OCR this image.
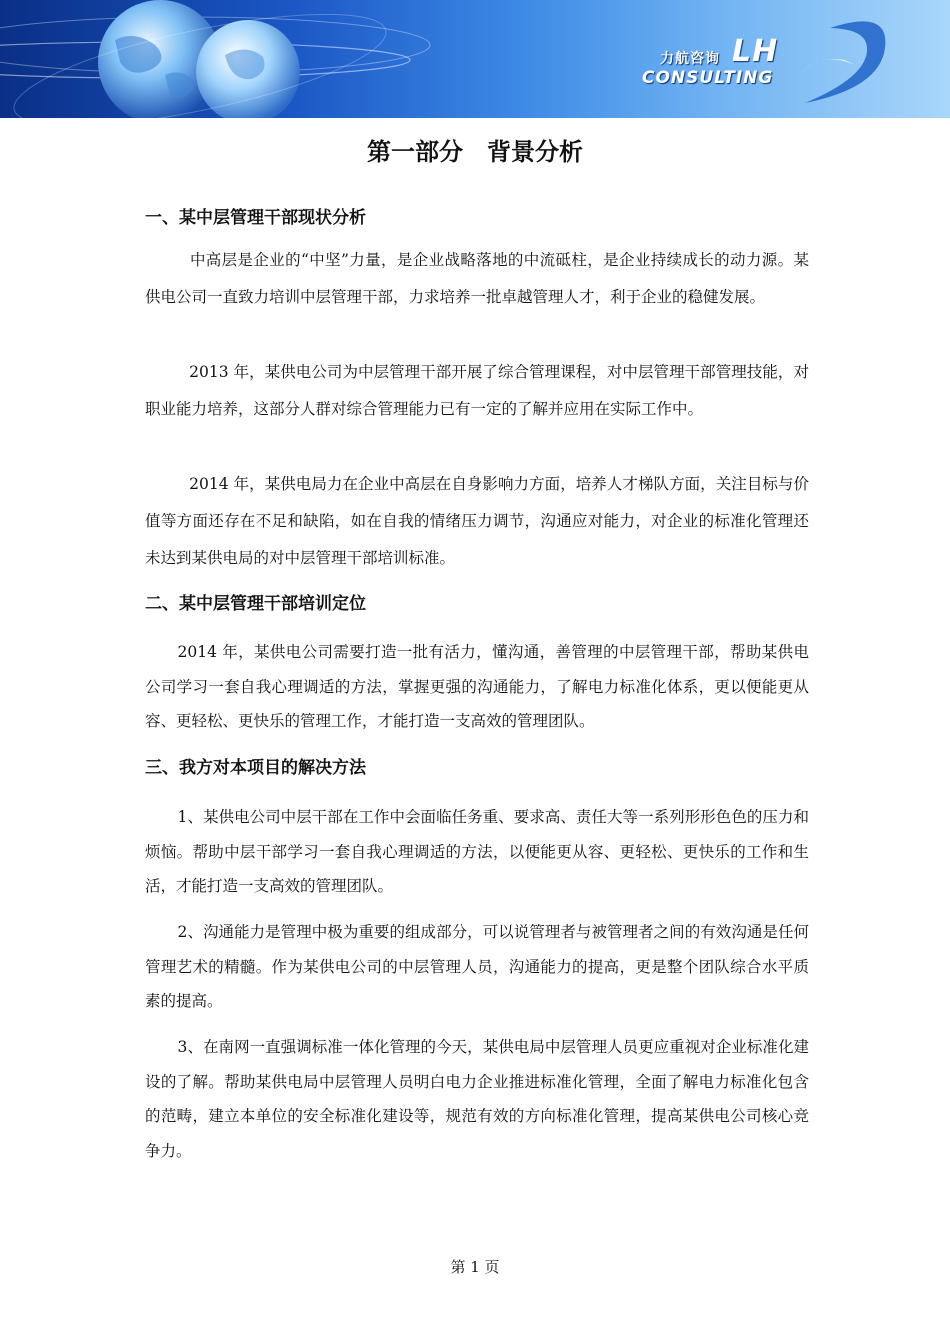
力航咨询 LH
CONSULTING
第一部分　背景分析
一、某中层管理干部现状分析

中高层是企业的“中坚”力量，是企业战略落地的中流砥柱，是企业持续成长的动力源。某供电公司一直致力培训中层管理干部，力求培养一批卓越管理人才，利于企业的稳健发展。

2013 年，某供电公司为中层管理干部开展了综合管理课程，对中层管理干部管理技能，对职业能力培养，这部分人群对综合管理能力已有一定的了解并应用在实际工作中。

2014 年，某供电局力在企业中高层在自身影响力方面，培养人才梯队方面，关注目标与价值等方面还存在不足和缺陷，如在自我的情绪压力调节，沟通应对能力，对企业的标准化管理还未达到某供电局的对中层管理干部培训标准。

二、某中层管理干部培训定位

2014 年，某供电公司需要打造一批有活力，懂沟通，善管理的中层管理干部，帮助某供电公司学习一套自我心理调适的方法，掌握更强的沟通能力，了解电力标准化体系，更以便能更从容、更轻松、更快乐的管理工作，才能打造一支高效的管理团队。

三、我方对本项目的解决方法

1、某供电公司中层干部在工作中会面临任务重、要求高、责任大等一系列形形色色的压力和烦恼。帮助中层干部学习一套自我心理调适的方法，以便能更从容、更轻松、更快乐的工作和生活，才能打造一支高效的管理团队。

2、沟通能力是管理中极为重要的组成部分，可以说管理者与被管理者之间的有效沟通是任何管理艺术的精髓。作为某供电公司的中层管理人员，沟通能力的提高，更是整个团队综合水平质素的提高。

3、在南网一直强调标准一体化管理的今天，某供电局中层管理人员更应重视对企业标准化建设的了解。帮助某供电局中层管理人员明白电力企业推进标准化管理，全面了解电力标准化包含的范畴，建立本单位的安全标准化建设等，规范有效的方向标准化管理，提高某供电公司核心竞争力。

第 1 页
